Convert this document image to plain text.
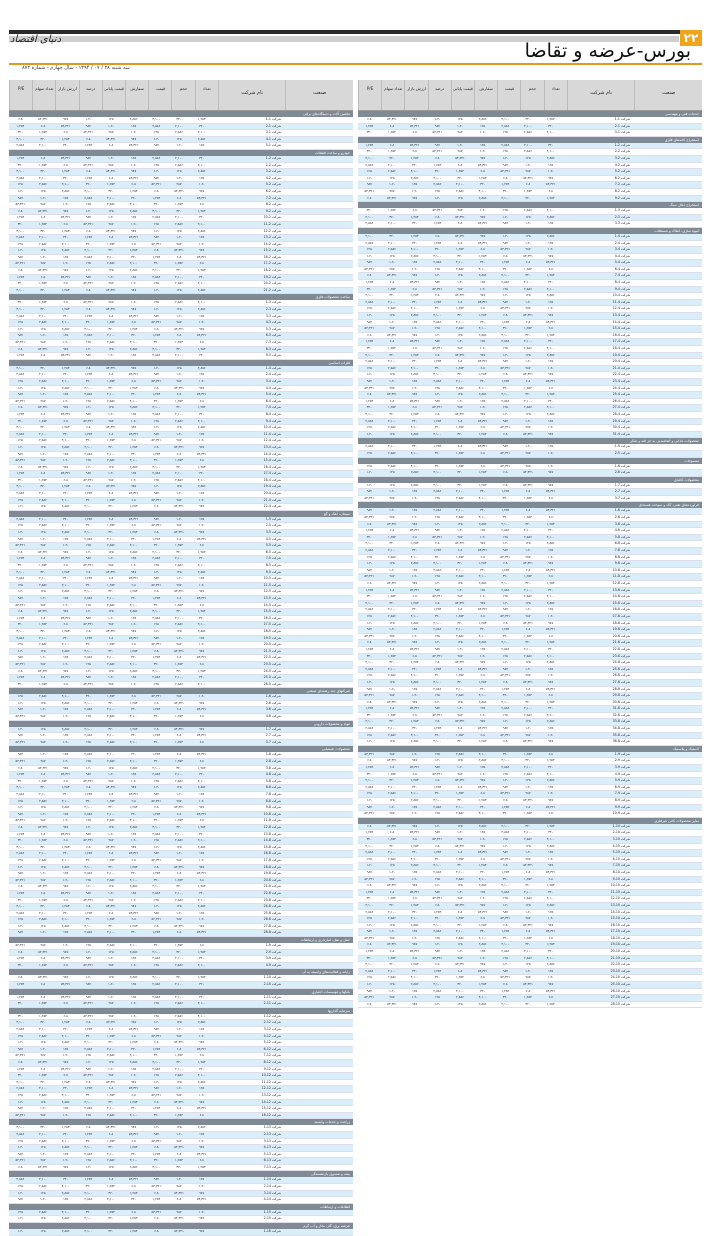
۲۲
دنیای اقتصاد
بورس-عرضه و تقاضا
سه شنبه ۲۸ / ۰۷ / ۱۳۹۴ - سال چهارم - شماره ۸۷۲
صنعت
نام شرکت
تعداد
حجم
قیمت
سفارش
قیمت پایانی
درصد
ارزش بازار
تعداد سهام
P/E
خدمات فنی و مهندسی
شرکت 1-1
۱,۲۵۴
۳۲۰
۴,۱۰۰
۲,۸۵۶
۱۲۵
-۱.۲
۹۸۷
۵۴,۳۲۱
۶.۸
شرکت 1-2
۳۲۰
۴,۱۰۰
۲,۸۵۶
۱۲۵
-۱.۲
۹۸۷
۵۴,۳۲۱
۶.۸
۱,۲۵۴
شرکت 1-3
۴,۱۰۰
۲,۸۵۶
۱۲۵
-۱.۲
۹۸۷
۵۴,۳۲۱
۶.۸
۱,۲۵۴
۳۲۰
استخراج کانه‌های فلزی
شرکت 2-1
۳۲۰
۴,۱۰۰
۲,۸۵۶
۱۲۵
-۱.۲
۹۸۷
۵۴,۳۲۱
۶.۸
۱,۲۵۴
شرکت 2-2
۴,۱۰۰
۲,۸۵۶
۱۲۵
-۱.۲
۹۸۷
۵۴,۳۲۱
۶.۸
۱,۲۵۴
۳۲۰
شرکت 2-3
۲,۸۵۶
۱۲۵
-۱.۲
۹۸۷
۵۴,۳۲۱
۶.۸
۱,۲۵۴
۳۲۰
۴,۱۰۰
شرکت 2-4
۱۲۵
-۱.۲
۹۸۷
۵۴,۳۲۱
۶.۸
۱,۲۵۴
۳۲۰
۴,۱۰۰
۲,۸۵۶
شرکت 2-5
-۱.۲
۹۸۷
۵۴,۳۲۱
۶.۸
۱,۲۵۴
۳۲۰
۴,۱۰۰
۲,۸۵۶
۱۲۵
شرکت 2-6
۹۸۷
۵۴,۳۲۱
۶.۸
۱,۲۵۴
۳۲۰
۴,۱۰۰
۲,۸۵۶
۱۲۵
-۱.۲
شرکت 2-7
۵۴,۳۲۱
۶.۸
۱,۲۵۴
۳۲۰
۴,۱۰۰
۲,۸۵۶
۱۲۵
-۱.۲
۹۸۷
شرکت 2-8
۶.۸
۱,۲۵۴
۳۲۰
۴,۱۰۰
۲,۸۵۶
۱۲۵
-۱.۲
۹۸۷
۵۴,۳۲۱
شرکت 2-9
۱,۲۵۴
۳۲۰
۴,۱۰۰
۲,۸۵۶
۱۲۵
-۱.۲
۹۸۷
۵۴,۳۲۱
۶.۸
استخراج ذغال سنگ
شرکت 3-1
۴,۱۰۰
۲,۸۵۶
۱۲۵
-۱.۲
۹۸۷
۵۴,۳۲۱
۶.۸
۱,۲۵۴
۳۲۰
شرکت 3-2
۲,۸۵۶
۱۲۵
-۱.۲
۹۸۷
۵۴,۳۲۱
۶.۸
۱,۲۵۴
۳۲۰
۴,۱۰۰
شرکت 3-3
۱۲۵
-۱.۲
۹۸۷
۵۴,۳۲۱
۶.۸
۱,۲۵۴
۳۲۰
۴,۱۰۰
۲,۸۵۶
انبوه سازی، املاک و مستغلات
شرکت 4-1
۲,۸۵۶
۱۲۵
-۱.۲
۹۸۷
۵۴,۳۲۱
۶.۸
۱,۲۵۴
۳۲۰
۴,۱۰۰
شرکت 4-2
۱۲۵
-۱.۲
۹۸۷
۵۴,۳۲۱
۶.۸
۱,۲۵۴
۳۲۰
۴,۱۰۰
۲,۸۵۶
شرکت 4-3
-۱.۲
۹۸۷
۵۴,۳۲۱
۶.۸
۱,۲۵۴
۳۲۰
۴,۱۰۰
۲,۸۵۶
۱۲۵
شرکت 4-4
۹۸۷
۵۴,۳۲۱
۶.۸
۱,۲۵۴
۳۲۰
۴,۱۰۰
۲,۸۵۶
۱۲۵
-۱.۲
شرکت 4-5
۵۴,۳۲۱
۶.۸
۱,۲۵۴
۳۲۰
۴,۱۰۰
۲,۸۵۶
۱۲۵
-۱.۲
۹۸۷
شرکت 4-6
۶.۸
۱,۲۵۴
۳۲۰
۴,۱۰۰
۲,۸۵۶
۱۲۵
-۱.۲
۹۸۷
۵۴,۳۲۱
شرکت 4-7
۱,۲۵۴
۳۲۰
۴,۱۰۰
۲,۸۵۶
۱۲۵
-۱.۲
۹۸۷
۵۴,۳۲۱
۶.۸
شرکت 4-8
۳۲۰
۴,۱۰۰
۲,۸۵۶
۱۲۵
-۱.۲
۹۸۷
۵۴,۳۲۱
۶.۸
۱,۲۵۴
شرکت 4-9
۴,۱۰۰
۲,۸۵۶
۱۲۵
-۱.۲
۹۸۷
۵۴,۳۲۱
۶.۸
۱,۲۵۴
۳۲۰
شرکت 4-10
۲,۸۵۶
۱۲۵
-۱.۲
۹۸۷
۵۴,۳۲۱
۶.۸
۱,۲۵۴
۳۲۰
۴,۱۰۰
شرکت 4-11
۱۲۵
-۱.۲
۹۸۷
۵۴,۳۲۱
۶.۸
۱,۲۵۴
۳۲۰
۴,۱۰۰
۲,۸۵۶
شرکت 4-12
-۱.۲
۹۸۷
۵۴,۳۲۱
۶.۸
۱,۲۵۴
۳۲۰
۴,۱۰۰
۲,۸۵۶
۱۲۵
شرکت 4-13
۹۸۷
۵۴,۳۲۱
۶.۸
۱,۲۵۴
۳۲۰
۴,۱۰۰
۲,۸۵۶
۱۲۵
-۱.۲
شرکت 4-14
۵۴,۳۲۱
۶.۸
۱,۲۵۴
۳۲۰
۴,۱۰۰
۲,۸۵۶
۱۲۵
-۱.۲
۹۸۷
شرکت 4-15
۶.۸
۱,۲۵۴
۳۲۰
۴,۱۰۰
۲,۸۵۶
۱۲۵
-۱.۲
۹۸۷
۵۴,۳۲۱
شرکت 4-16
۱,۲۵۴
۳۲۰
۴,۱۰۰
۲,۸۵۶
۱۲۵
-۱.۲
۹۸۷
۵۴,۳۲۱
۶.۸
شرکت 4-17
۳۲۰
۴,۱۰۰
۲,۸۵۶
۱۲۵
-۱.۲
۹۸۷
۵۴,۳۲۱
۶.۸
۱,۲۵۴
شرکت 4-18
۴,۱۰۰
۲,۸۵۶
۱۲۵
-۱.۲
۹۸۷
۵۴,۳۲۱
۶.۸
۱,۲۵۴
۳۲۰
شرکت 4-19
۲,۸۵۶
۱۲۵
-۱.۲
۹۸۷
۵۴,۳۲۱
۶.۸
۱,۲۵۴
۳۲۰
۴,۱۰۰
شرکت 4-20
۱۲۵
-۱.۲
۹۸۷
۵۴,۳۲۱
۶.۸
۱,۲۵۴
۳۲۰
۴,۱۰۰
۲,۸۵۶
شرکت 4-21
-۱.۲
۹۸۷
۵۴,۳۲۱
۶.۸
۱,۲۵۴
۳۲۰
۴,۱۰۰
۲,۸۵۶
۱۲۵
شرکت 4-22
۹۸۷
۵۴,۳۲۱
۶.۸
۱,۲۵۴
۳۲۰
۴,۱۰۰
۲,۸۵۶
۱۲۵
-۱.۲
شرکت 4-23
۵۴,۳۲۱
۶.۸
۱,۲۵۴
۳۲۰
۴,۱۰۰
۲,۸۵۶
۱۲۵
-۱.۲
۹۸۷
شرکت 4-24
۶.۸
۱,۲۵۴
۳۲۰
۴,۱۰۰
۲,۸۵۶
۱۲۵
-۱.۲
۹۸۷
۵۴,۳۲۱
شرکت 4-25
۱,۲۵۴
۳۲۰
۴,۱۰۰
۲,۸۵۶
۱۲۵
-۱.۲
۹۸۷
۵۴,۳۲۱
۶.۸
شرکت 4-26
۳۲۰
۴,۱۰۰
۲,۸۵۶
۱۲۵
-۱.۲
۹۸۷
۵۴,۳۲۱
۶.۸
۱,۲۵۴
شرکت 4-27
۴,۱۰۰
۲,۸۵۶
۱۲۵
-۱.۲
۹۸۷
۵۴,۳۲۱
۶.۸
۱,۲۵۴
۳۲۰
شرکت 4-28
۲,۸۵۶
۱۲۵
-۱.۲
۹۸۷
۵۴,۳۲۱
۶.۸
۱,۲۵۴
۳۲۰
۴,۱۰۰
شرکت 4-29
۱۲۵
-۱.۲
۹۸۷
۵۴,۳۲۱
۶.۸
۱,۲۵۴
۳۲۰
۴,۱۰۰
۲,۸۵۶
شرکت 4-30
-۱.۲
۹۸۷
۵۴,۳۲۱
۶.۸
۱,۲۵۴
۳۲۰
۴,۱۰۰
۲,۸۵۶
۱۲۵
شرکت 4-31
۹۸۷
۵۴,۳۲۱
۶.۸
۱,۲۵۴
۳۲۰
۴,۱۰۰
۲,۸۵۶
۱۲۵
-۱.۲
محصولات غذایی و آشامیدنی به جز قند و شکر
شرکت 5-1
۱۲۵
-۱.۲
۹۸۷
۵۴,۳۲۱
۶.۸
۱,۲۵۴
۳۲۰
۴,۱۰۰
۲,۸۵۶
شرکت 5-2
-۱.۲
۹۸۷
۵۴,۳۲۱
۶.۸
۱,۲۵۴
۳۲۰
۴,۱۰۰
۲,۸۵۶
۱۲۵
منسوجات
شرکت 6-1
-۱.۲
۹۸۷
۵۴,۳۲۱
۶.۸
۱,۲۵۴
۳۲۰
۴,۱۰۰
۲,۸۵۶
۱۲۵
شرکت 6-2
۹۸۷
۵۴,۳۲۱
۶.۸
۱,۲۵۴
۳۲۰
۴,۱۰۰
۲,۸۵۶
۱۲۵
-۱.۲
محصولات کاغذی
شرکت 7-1
۹۸۷
۵۴,۳۲۱
۶.۸
۱,۲۵۴
۳۲۰
۴,۱۰۰
۲,۸۵۶
۱۲۵
-۱.۲
شرکت 7-2
۵۴,۳۲۱
۶.۸
۱,۲۵۴
۳۲۰
۴,۱۰۰
۲,۸۵۶
۱۲۵
-۱.۲
۹۸۷
شرکت 7-3
۶.۸
۱,۲۵۴
۳۲۰
۴,۱۰۰
۲,۸۵۶
۱۲۵
-۱.۲
۹۸۷
۵۴,۳۲۱
فراورده‌های نفتی، کک و سوخت هسته‌ای
شرکت 8-1
۵۴,۳۲۱
۶.۸
۱,۲۵۴
۳۲۰
۴,۱۰۰
۲,۸۵۶
۱۲۵
-۱.۲
۹۸۷
شرکت 8-2
۶.۸
۱,۲۵۴
۳۲۰
۴,۱۰۰
۲,۸۵۶
۱۲۵
-۱.۲
۹۸۷
۵۴,۳۲۱
شرکت 8-3
۱,۲۵۴
۳۲۰
۴,۱۰۰
۲,۸۵۶
۱۲۵
-۱.۲
۹۸۷
۵۴,۳۲۱
۶.۸
شرکت 8-4
۳۲۰
۴,۱۰۰
۲,۸۵۶
۱۲۵
-۱.۲
۹۸۷
۵۴,۳۲۱
۶.۸
۱,۲۵۴
شرکت 8-5
۴,۱۰۰
۲,۸۵۶
۱۲۵
-۱.۲
۹۸۷
۵۴,۳۲۱
۶.۸
۱,۲۵۴
۳۲۰
شرکت 8-6
۲,۸۵۶
۱۲۵
-۱.۲
۹۸۷
۵۴,۳۲۱
۶.۸
۱,۲۵۴
۳۲۰
۴,۱۰۰
شرکت 8-7
۱۲۵
-۱.۲
۹۸۷
۵۴,۳۲۱
۶.۸
۱,۲۵۴
۳۲۰
۴,۱۰۰
۲,۸۵۶
شرکت 8-8
-۱.۲
۹۸۷
۵۴,۳۲۱
۶.۸
۱,۲۵۴
۳۲۰
۴,۱۰۰
۲,۸۵۶
۱۲۵
شرکت 8-9
۹۸۷
۵۴,۳۲۱
۶.۸
۱,۲۵۴
۳۲۰
۴,۱۰۰
۲,۸۵۶
۱۲۵
-۱.۲
شرکت 8-10
۵۴,۳۲۱
۶.۸
۱,۲۵۴
۳۲۰
۴,۱۰۰
۲,۸۵۶
۱۲۵
-۱.۲
۹۸۷
شرکت 8-11
۶.۸
۱,۲۵۴
۳۲۰
۴,۱۰۰
۲,۸۵۶
۱۲۵
-۱.۲
۹۸۷
۵۴,۳۲۱
شرکت 8-12
۱,۲۵۴
۳۲۰
۴,۱۰۰
۲,۸۵۶
۱۲۵
-۱.۲
۹۸۷
۵۴,۳۲۱
۶.۸
شرکت 8-13
۳۲۰
۴,۱۰۰
۲,۸۵۶
۱۲۵
-۱.۲
۹۸۷
۵۴,۳۲۱
۶.۸
۱,۲۵۴
شرکت 8-14
۴,۱۰۰
۲,۸۵۶
۱۲۵
-۱.۲
۹۸۷
۵۴,۳۲۱
۶.۸
۱,۲۵۴
۳۲۰
شرکت 8-15
۲,۸۵۶
۱۲۵
-۱.۲
۹۸۷
۵۴,۳۲۱
۶.۸
۱,۲۵۴
۳۲۰
۴,۱۰۰
شرکت 8-16
۱۲۵
-۱.۲
۹۸۷
۵۴,۳۲۱
۶.۸
۱,۲۵۴
۳۲۰
۴,۱۰۰
۲,۸۵۶
شرکت 8-17
-۱.۲
۹۸۷
۵۴,۳۲۱
۶.۸
۱,۲۵۴
۳۲۰
۴,۱۰۰
۲,۸۵۶
۱۲۵
شرکت 8-18
۹۸۷
۵۴,۳۲۱
۶.۸
۱,۲۵۴
۳۲۰
۴,۱۰۰
۲,۸۵۶
۱۲۵
-۱.۲
شرکت 8-19
۵۴,۳۲۱
۶.۸
۱,۲۵۴
۳۲۰
۴,۱۰۰
۲,۸۵۶
۱۲۵
-۱.۲
۹۸۷
شرکت 8-20
۶.۸
۱,۲۵۴
۳۲۰
۴,۱۰۰
۲,۸۵۶
۱۲۵
-۱.۲
۹۸۷
۵۴,۳۲۱
شرکت 8-21
۱,۲۵۴
۳۲۰
۴,۱۰۰
۲,۸۵۶
۱۲۵
-۱.۲
۹۸۷
۵۴,۳۲۱
۶.۸
شرکت 8-22
۳۲۰
۴,۱۰۰
۲,۸۵۶
۱۲۵
-۱.۲
۹۸۷
۵۴,۳۲۱
۶.۸
۱,۲۵۴
شرکت 8-23
۴,۱۰۰
۲,۸۵۶
۱۲۵
-۱.۲
۹۸۷
۵۴,۳۲۱
۶.۸
۱,۲۵۴
۳۲۰
شرکت 8-24
۲,۸۵۶
۱۲۵
-۱.۲
۹۸۷
۵۴,۳۲۱
۶.۸
۱,۲۵۴
۳۲۰
۴,۱۰۰
شرکت 8-25
۱۲۵
-۱.۲
۹۸۷
۵۴,۳۲۱
۶.۸
۱,۲۵۴
۳۲۰
۴,۱۰۰
۲,۸۵۶
شرکت 8-26
-۱.۲
۹۸۷
۵۴,۳۲۱
۶.۸
۱,۲۵۴
۳۲۰
۴,۱۰۰
۲,۸۵۶
۱۲۵
شرکت 8-27
۹۸۷
۵۴,۳۲۱
۶.۸
۱,۲۵۴
۳۲۰
۴,۱۰۰
۲,۸۵۶
۱۲۵
-۱.۲
شرکت 8-28
۵۴,۳۲۱
۶.۸
۱,۲۵۴
۳۲۰
۴,۱۰۰
۲,۸۵۶
۱۲۵
-۱.۲
۹۸۷
شرکت 8-29
۶.۸
۱,۲۵۴
۳۲۰
۴,۱۰۰
۲,۸۵۶
۱۲۵
-۱.۲
۹۸۷
۵۴,۳۲۱
شرکت 8-30
۱,۲۵۴
۳۲۰
۴,۱۰۰
۲,۸۵۶
۱۲۵
-۱.۲
۹۸۷
۵۴,۳۲۱
۶.۸
شرکت 8-31
۳۲۰
۴,۱۰۰
۲,۸۵۶
۱۲۵
-۱.۲
۹۸۷
۵۴,۳۲۱
۶.۸
۱,۲۵۴
شرکت 8-32
۴,۱۰۰
۲,۸۵۶
۱۲۵
-۱.۲
۹۸۷
۵۴,۳۲۱
۶.۸
۱,۲۵۴
۳۲۰
شرکت 8-33
۲,۸۵۶
۱۲۵
-۱.۲
۹۸۷
۵۴,۳۲۱
۶.۸
۱,۲۵۴
۳۲۰
۴,۱۰۰
شرکت 8-34
۱۲۵
-۱.۲
۹۸۷
۵۴,۳۲۱
۶.۸
۱,۲۵۴
۳۲۰
۴,۱۰۰
۲,۸۵۶
شرکت 8-35
-۱.۲
۹۸۷
۵۴,۳۲۱
۶.۸
۱,۲۵۴
۳۲۰
۴,۱۰۰
۲,۸۵۶
۱۲۵
شرکت 8-36
۹۸۷
۵۴,۳۲۱
۶.۸
۱,۲۵۴
۳۲۰
۴,۱۰۰
۲,۸۵۶
۱۲۵
-۱.۲
لاستیک و پلاستیک
شرکت 9-1
۶.۸
۱,۲۵۴
۳۲۰
۴,۱۰۰
۲,۸۵۶
۱۲۵
-۱.۲
۹۸۷
۵۴,۳۲۱
شرکت 9-2
۱,۲۵۴
۳۲۰
۴,۱۰۰
۲,۸۵۶
۱۲۵
-۱.۲
۹۸۷
۵۴,۳۲۱
۶.۸
شرکت 9-3
۳۲۰
۴,۱۰۰
۲,۸۵۶
۱۲۵
-۱.۲
۹۸۷
۵۴,۳۲۱
۶.۸
۱,۲۵۴
شرکت 9-4
۴,۱۰۰
۲,۸۵۶
۱۲۵
-۱.۲
۹۸۷
۵۴,۳۲۱
۶.۸
۱,۲۵۴
۳۲۰
شرکت 9-5
۲,۸۵۶
۱۲۵
-۱.۲
۹۸۷
۵۴,۳۲۱
۶.۸
۱,۲۵۴
۳۲۰
۴,۱۰۰
شرکت 9-6
۱۲۵
-۱.۲
۹۸۷
۵۴,۳۲۱
۶.۸
۱,۲۵۴
۳۲۰
۴,۱۰۰
۲,۸۵۶
شرکت 9-7
-۱.۲
۹۸۷
۵۴,۳۲۱
۶.۸
۱,۲۵۴
۳۲۰
۴,۱۰۰
۲,۸۵۶
۱۲۵
شرکت 9-8
۹۸۷
۵۴,۳۲۱
۶.۸
۱,۲۵۴
۳۲۰
۴,۱۰۰
۲,۸۵۶
۱۲۵
-۱.۲
شرکت 9-9
۵۴,۳۲۱
۶.۸
۱,۲۵۴
۳۲۰
۴,۱۰۰
۲,۸۵۶
۱۲۵
-۱.۲
۹۸۷
شرکت 9-10
۶.۸
۱,۲۵۴
۳۲۰
۴,۱۰۰
۲,۸۵۶
۱۲۵
-۱.۲
۹۸۷
۵۴,۳۲۱
سایر محصولات کانی غیرفلزی
شرکت 10-1
۱,۲۵۴
۳۲۰
۴,۱۰۰
۲,۸۵۶
۱۲۵
-۱.۲
۹۸۷
۵۴,۳۲۱
۶.۸
شرکت 10-2
۳۲۰
۴,۱۰۰
۲,۸۵۶
۱۲۵
-۱.۲
۹۸۷
۵۴,۳۲۱
۶.۸
۱,۲۵۴
شرکت 10-3
۴,۱۰۰
۲,۸۵۶
۱۲۵
-۱.۲
۹۸۷
۵۴,۳۲۱
۶.۸
۱,۲۵۴
۳۲۰
شرکت 10-4
۲,۸۵۶
۱۲۵
-۱.۲
۹۸۷
۵۴,۳۲۱
۶.۸
۱,۲۵۴
۳۲۰
۴,۱۰۰
شرکت 10-5
۱۲۵
-۱.۲
۹۸۷
۵۴,۳۲۱
۶.۸
۱,۲۵۴
۳۲۰
۴,۱۰۰
۲,۸۵۶
شرکت 10-6
-۱.۲
۹۸۷
۵۴,۳۲۱
۶.۸
۱,۲۵۴
۳۲۰
۴,۱۰۰
۲,۸۵۶
۱۲۵
شرکت 10-7
۹۸۷
۵۴,۳۲۱
۶.۸
۱,۲۵۴
۳۲۰
۴,۱۰۰
۲,۸۵۶
۱۲۵
-۱.۲
شرکت 10-8
۵۴,۳۲۱
۶.۸
۱,۲۵۴
۳۲۰
۴,۱۰۰
۲,۸۵۶
۱۲۵
-۱.۲
۹۸۷
شرکت 10-9
۶.۸
۱,۲۵۴
۳۲۰
۴,۱۰۰
۲,۸۵۶
۱۲۵
-۱.۲
۹۸۷
۵۴,۳۲۱
شرکت 10-10
۱,۲۵۴
۳۲۰
۴,۱۰۰
۲,۸۵۶
۱۲۵
-۱.۲
۹۸۷
۵۴,۳۲۱
۶.۸
شرکت 10-11
۳۲۰
۴,۱۰۰
۲,۸۵۶
۱۲۵
-۱.۲
۹۸۷
۵۴,۳۲۱
۶.۸
۱,۲۵۴
شرکت 10-12
۴,۱۰۰
۲,۸۵۶
۱۲۵
-۱.۲
۹۸۷
۵۴,۳۲۱
۶.۸
۱,۲۵۴
۳۲۰
شرکت 10-13
۲,۸۵۶
۱۲۵
-۱.۲
۹۸۷
۵۴,۳۲۱
۶.۸
۱,۲۵۴
۳۲۰
۴,۱۰۰
شرکت 10-14
۱۲۵
-۱.۲
۹۸۷
۵۴,۳۲۱
۶.۸
۱,۲۵۴
۳۲۰
۴,۱۰۰
۲,۸۵۶
شرکت 10-15
-۱.۲
۹۸۷
۵۴,۳۲۱
۶.۸
۱,۲۵۴
۳۲۰
۴,۱۰۰
۲,۸۵۶
۱۲۵
شرکت 10-16
۹۸۷
۵۴,۳۲۱
۶.۸
۱,۲۵۴
۳۲۰
۴,۱۰۰
۲,۸۵۶
۱۲۵
-۱.۲
شرکت 10-17
۵۴,۳۲۱
۶.۸
۱,۲۵۴
۳۲۰
۴,۱۰۰
۲,۸۵۶
۱۲۵
-۱.۲
۹۸۷
شرکت 10-18
۶.۸
۱,۲۵۴
۳۲۰
۴,۱۰۰
۲,۸۵۶
۱۲۵
-۱.۲
۹۸۷
۵۴,۳۲۱
شرکت 10-19
۱,۲۵۴
۳۲۰
۴,۱۰۰
۲,۸۵۶
۱۲۵
-۱.۲
۹۸۷
۵۴,۳۲۱
۶.۸
شرکت 10-20
۳۲۰
۴,۱۰۰
۲,۸۵۶
۱۲۵
-۱.۲
۹۸۷
۵۴,۳۲۱
۶.۸
۱,۲۵۴
شرکت 10-21
۴,۱۰۰
۲,۸۵۶
۱۲۵
-۱.۲
۹۸۷
۵۴,۳۲۱
۶.۸
۱,۲۵۴
۳۲۰
شرکت 10-22
۲,۸۵۶
۱۲۵
-۱.۲
۹۸۷
۵۴,۳۲۱
۶.۸
۱,۲۵۴
۳۲۰
۴,۱۰۰
شرکت 10-23
۱۲۵
-۱.۲
۹۸۷
۵۴,۳۲۱
۶.۸
۱,۲۵۴
۳۲۰
۴,۱۰۰
۲,۸۵۶
شرکت 10-24
-۱.۲
۹۸۷
۵۴,۳۲۱
۶.۸
۱,۲۵۴
۳۲۰
۴,۱۰۰
۲,۸۵۶
۱۲۵
شرکت 10-25
۹۸۷
۵۴,۳۲۱
۶.۸
۱,۲۵۴
۳۲۰
۴,۱۰۰
۲,۸۵۶
۱۲۵
-۱.۲
شرکت 10-26
۵۴,۳۲۱
۶.۸
۱,۲۵۴
۳۲۰
۴,۱۰۰
۲,۸۵۶
۱۲۵
-۱.۲
۹۸۷
شرکت 10-27
۶.۸
۱,۲۵۴
۳۲۰
۴,۱۰۰
۲,۸۵۶
۱۲۵
-۱.۲
۹۸۷
۵۴,۳۲۱
شرکت 10-28
۱,۲۵۴
۳۲۰
۴,۱۰۰
۲,۸۵۶
۱۲۵
-۱.۲
۹۸۷
۵۴,۳۲۱
۶.۸
صنعت
نام شرکت
تعداد
حجم
قیمت
سفارش
قیمت پایانی
درصد
ارزش بازار
تعداد سهام
P/E
ماشین آلات و دستگاه‌های برقی
شرکت 1-1
۱,۲۵۴
۳۲۰
۴,۱۰۰
۲,۸۵۶
۱۲۵
-۱.۲
۹۸۷
۵۴,۳۲۱
۶.۸
شرکت 1-2
۳۲۰
۴,۱۰۰
۲,۸۵۶
۱۲۵
-۱.۲
۹۸۷
۵۴,۳۲۱
۶.۸
۱,۲۵۴
شرکت 1-3
۴,۱۰۰
۲,۸۵۶
۱۲۵
-۱.۲
۹۸۷
۵۴,۳۲۱
۶.۸
۱,۲۵۴
۳۲۰
شرکت 1-4
۲,۸۵۶
۱۲۵
-۱.۲
۹۸۷
۵۴,۳۲۱
۶.۸
۱,۲۵۴
۳۲۰
۴,۱۰۰
شرکت 1-5
۱۲۵
-۱.۲
۹۸۷
۵۴,۳۲۱
۶.۸
۱,۲۵۴
۳۲۰
۴,۱۰۰
۲,۸۵۶
خودرو و ساخت قطعات
شرکت 2-1
۳۲۰
۴,۱۰۰
۲,۸۵۶
۱۲۵
-۱.۲
۹۸۷
۵۴,۳۲۱
۶.۸
۱,۲۵۴
شرکت 2-2
۴,۱۰۰
۲,۸۵۶
۱۲۵
-۱.۲
۹۸۷
۵۴,۳۲۱
۶.۸
۱,۲۵۴
۳۲۰
شرکت 2-3
۲,۸۵۶
۱۲۵
-۱.۲
۹۸۷
۵۴,۳۲۱
۶.۸
۱,۲۵۴
۳۲۰
۴,۱۰۰
شرکت 2-4
۱۲۵
-۱.۲
۹۸۷
۵۴,۳۲۱
۶.۸
۱,۲۵۴
۳۲۰
۴,۱۰۰
۲,۸۵۶
شرکت 2-5
-۱.۲
۹۸۷
۵۴,۳۲۱
۶.۸
۱,۲۵۴
۳۲۰
۴,۱۰۰
۲,۸۵۶
۱۲۵
شرکت 2-6
۹۸۷
۵۴,۳۲۱
۶.۸
۱,۲۵۴
۳۲۰
۴,۱۰۰
۲,۸۵۶
۱۲۵
-۱.۲
شرکت 2-7
۵۴,۳۲۱
۶.۸
۱,۲۵۴
۳۲۰
۴,۱۰۰
۲,۸۵۶
۱۲۵
-۱.۲
۹۸۷
شرکت 2-8
۶.۸
۱,۲۵۴
۳۲۰
۴,۱۰۰
۲,۸۵۶
۱۲۵
-۱.۲
۹۸۷
۵۴,۳۲۱
شرکت 2-9
۱,۲۵۴
۳۲۰
۴,۱۰۰
۲,۸۵۶
۱۲۵
-۱.۲
۹۸۷
۵۴,۳۲۱
۶.۸
شرکت 2-10
۳۲۰
۴,۱۰۰
۲,۸۵۶
۱۲۵
-۱.۲
۹۸۷
۵۴,۳۲۱
۶.۸
۱,۲۵۴
شرکت 2-11
۴,۱۰۰
۲,۸۵۶
۱۲۵
-۱.۲
۹۸۷
۵۴,۳۲۱
۶.۸
۱,۲۵۴
۳۲۰
شرکت 2-12
۲,۸۵۶
۱۲۵
-۱.۲
۹۸۷
۵۴,۳۲۱
۶.۸
۱,۲۵۴
۳۲۰
۴,۱۰۰
شرکت 2-13
۱۲۵
-۱.۲
۹۸۷
۵۴,۳۲۱
۶.۸
۱,۲۵۴
۳۲۰
۴,۱۰۰
۲,۸۵۶
شرکت 2-14
-۱.۲
۹۸۷
۵۴,۳۲۱
۶.۸
۱,۲۵۴
۳۲۰
۴,۱۰۰
۲,۸۵۶
۱۲۵
شرکت 2-15
۹۸۷
۵۴,۳۲۱
۶.۸
۱,۲۵۴
۳۲۰
۴,۱۰۰
۲,۸۵۶
۱۲۵
-۱.۲
شرکت 2-16
۵۴,۳۲۱
۶.۸
۱,۲۵۴
۳۲۰
۴,۱۰۰
۲,۸۵۶
۱۲۵
-۱.۲
۹۸۷
شرکت 2-17
۶.۸
۱,۲۵۴
۳۲۰
۴,۱۰۰
۲,۸۵۶
۱۲۵
-۱.۲
۹۸۷
۵۴,۳۲۱
شرکت 2-18
۱,۲۵۴
۳۲۰
۴,۱۰۰
۲,۸۵۶
۱۲۵
-۱.۲
۹۸۷
۵۴,۳۲۱
۶.۸
شرکت 2-19
۳۲۰
۴,۱۰۰
۲,۸۵۶
۱۲۵
-۱.۲
۹۸۷
۵۴,۳۲۱
۶.۸
۱,۲۵۴
شرکت 2-20
۴,۱۰۰
۲,۸۵۶
۱۲۵
-۱.۲
۹۸۷
۵۴,۳۲۱
۶.۸
۱,۲۵۴
۳۲۰
شرکت 2-21
۲,۸۵۶
۱۲۵
-۱.۲
۹۸۷
۵۴,۳۲۱
۶.۸
۱,۲۵۴
۳۲۰
۴,۱۰۰
ساخت محصولات فلزی
شرکت 3-1
۴,۱۰۰
۲,۸۵۶
۱۲۵
-۱.۲
۹۸۷
۵۴,۳۲۱
۶.۸
۱,۲۵۴
۳۲۰
شرکت 3-2
۲,۸۵۶
۱۲۵
-۱.۲
۹۸۷
۵۴,۳۲۱
۶.۸
۱,۲۵۴
۳۲۰
۴,۱۰۰
شرکت 3-3
۱۲۵
-۱.۲
۹۸۷
۵۴,۳۲۱
۶.۸
۱,۲۵۴
۳۲۰
۴,۱۰۰
۲,۸۵۶
شرکت 3-4
-۱.۲
۹۸۷
۵۴,۳۲۱
۶.۸
۱,۲۵۴
۳۲۰
۴,۱۰۰
۲,۸۵۶
۱۲۵
شرکت 3-5
۹۸۷
۵۴,۳۲۱
۶.۸
۱,۲۵۴
۳۲۰
۴,۱۰۰
۲,۸۵۶
۱۲۵
-۱.۲
شرکت 3-6
۵۴,۳۲۱
۶.۸
۱,۲۵۴
۳۲۰
۴,۱۰۰
۲,۸۵۶
۱۲۵
-۱.۲
۹۸۷
شرکت 3-7
۶.۸
۱,۲۵۴
۳۲۰
۴,۱۰۰
۲,۸۵۶
۱۲۵
-۱.۲
۹۸۷
۵۴,۳۲۱
شرکت 3-8
۱,۲۵۴
۳۲۰
۴,۱۰۰
۲,۸۵۶
۱۲۵
-۱.۲
۹۸۷
۵۴,۳۲۱
۶.۸
شرکت 3-9
۳۲۰
۴,۱۰۰
۲,۸۵۶
۱۲۵
-۱.۲
۹۸۷
۵۴,۳۲۱
۶.۸
۱,۲۵۴
فلزات اساسی
شرکت 4-1
۲,۸۵۶
۱۲۵
-۱.۲
۹۸۷
۵۴,۳۲۱
۶.۸
۱,۲۵۴
۳۲۰
۴,۱۰۰
شرکت 4-2
۱۲۵
-۱.۲
۹۸۷
۵۴,۳۲۱
۶.۸
۱,۲۵۴
۳۲۰
۴,۱۰۰
۲,۸۵۶
شرکت 4-3
-۱.۲
۹۸۷
۵۴,۳۲۱
۶.۸
۱,۲۵۴
۳۲۰
۴,۱۰۰
۲,۸۵۶
۱۲۵
شرکت 4-4
۹۸۷
۵۴,۳۲۱
۶.۸
۱,۲۵۴
۳۲۰
۴,۱۰۰
۲,۸۵۶
۱۲۵
-۱.۲
شرکت 4-5
۵۴,۳۲۱
۶.۸
۱,۲۵۴
۳۲۰
۴,۱۰۰
۲,۸۵۶
۱۲۵
-۱.۲
۹۸۷
شرکت 4-6
۶.۸
۱,۲۵۴
۳۲۰
۴,۱۰۰
۲,۸۵۶
۱۲۵
-۱.۲
۹۸۷
۵۴,۳۲۱
شرکت 4-7
۱,۲۵۴
۳۲۰
۴,۱۰۰
۲,۸۵۶
۱۲۵
-۱.۲
۹۸۷
۵۴,۳۲۱
۶.۸
شرکت 4-8
۳۲۰
۴,۱۰۰
۲,۸۵۶
۱۲۵
-۱.۲
۹۸۷
۵۴,۳۲۱
۶.۸
۱,۲۵۴
شرکت 4-9
۴,۱۰۰
۲,۸۵۶
۱۲۵
-۱.۲
۹۸۷
۵۴,۳۲۱
۶.۸
۱,۲۵۴
۳۲۰
شرکت 4-10
۲,۸۵۶
۱۲۵
-۱.۲
۹۸۷
۵۴,۳۲۱
۶.۸
۱,۲۵۴
۳۲۰
۴,۱۰۰
شرکت 4-11
۱۲۵
-۱.۲
۹۸۷
۵۴,۳۲۱
۶.۸
۱,۲۵۴
۳۲۰
۴,۱۰۰
۲,۸۵۶
شرکت 4-12
-۱.۲
۹۸۷
۵۴,۳۲۱
۶.۸
۱,۲۵۴
۳۲۰
۴,۱۰۰
۲,۸۵۶
۱۲۵
شرکت 4-13
۹۸۷
۵۴,۳۲۱
۶.۸
۱,۲۵۴
۳۲۰
۴,۱۰۰
۲,۸۵۶
۱۲۵
-۱.۲
شرکت 4-14
۵۴,۳۲۱
۶.۸
۱,۲۵۴
۳۲۰
۴,۱۰۰
۲,۸۵۶
۱۲۵
-۱.۲
۹۸۷
شرکت 4-15
۶.۸
۱,۲۵۴
۳۲۰
۴,۱۰۰
۲,۸۵۶
۱۲۵
-۱.۲
۹۸۷
۵۴,۳۲۱
شرکت 4-16
۱,۲۵۴
۳۲۰
۴,۱۰۰
۲,۸۵۶
۱۲۵
-۱.۲
۹۸۷
۵۴,۳۲۱
۶.۸
شرکت 4-17
۳۲۰
۴,۱۰۰
۲,۸۵۶
۱۲۵
-۱.۲
۹۸۷
۵۴,۳۲۱
۶.۸
۱,۲۵۴
شرکت 4-18
۴,۱۰۰
۲,۸۵۶
۱۲۵
-۱.۲
۹۸۷
۵۴,۳۲۱
۶.۸
۱,۲۵۴
۳۲۰
شرکت 4-19
۲,۸۵۶
۱۲۵
-۱.۲
۹۸۷
۵۴,۳۲۱
۶.۸
۱,۲۵۴
۳۲۰
۴,۱۰۰
شرکت 4-20
۱۲۵
-۱.۲
۹۸۷
۵۴,۳۲۱
۶.۸
۱,۲۵۴
۳۲۰
۴,۱۰۰
۲,۸۵۶
شرکت 4-21
-۱.۲
۹۸۷
۵۴,۳۲۱
۶.۸
۱,۲۵۴
۳۲۰
۴,۱۰۰
۲,۸۵۶
۱۲۵
شرکت 4-22
۹۸۷
۵۴,۳۲۱
۶.۸
۱,۲۵۴
۳۲۰
۴,۱۰۰
۲,۸۵۶
۱۲۵
-۱.۲
سیمان، آهک و گچ
شرکت 5-1
۱۲۵
-۱.۲
۹۸۷
۵۴,۳۲۱
۶.۸
۱,۲۵۴
۳۲۰
۴,۱۰۰
۲,۸۵۶
شرکت 5-2
-۱.۲
۹۸۷
۵۴,۳۲۱
۶.۸
۱,۲۵۴
۳۲۰
۴,۱۰۰
۲,۸۵۶
۱۲۵
شرکت 5-3
۹۸۷
۵۴,۳۲۱
۶.۸
۱,۲۵۴
۳۲۰
۴,۱۰۰
۲,۸۵۶
۱۲۵
-۱.۲
شرکت 5-4
۵۴,۳۲۱
۶.۸
۱,۲۵۴
۳۲۰
۴,۱۰۰
۲,۸۵۶
۱۲۵
-۱.۲
۹۸۷
شرکت 5-5
۶.۸
۱,۲۵۴
۳۲۰
۴,۱۰۰
۲,۸۵۶
۱۲۵
-۱.۲
۹۸۷
۵۴,۳۲۱
شرکت 5-6
۱,۲۵۴
۳۲۰
۴,۱۰۰
۲,۸۵۶
۱۲۵
-۱.۲
۹۸۷
۵۴,۳۲۱
۶.۸
شرکت 5-7
۳۲۰
۴,۱۰۰
۲,۸۵۶
۱۲۵
-۱.۲
۹۸۷
۵۴,۳۲۱
۶.۸
۱,۲۵۴
شرکت 5-8
۴,۱۰۰
۲,۸۵۶
۱۲۵
-۱.۲
۹۸۷
۵۴,۳۲۱
۶.۸
۱,۲۵۴
۳۲۰
شرکت 5-9
۲,۸۵۶
۱۲۵
-۱.۲
۹۸۷
۵۴,۳۲۱
۶.۸
۱,۲۵۴
۳۲۰
۴,۱۰۰
شرکت 5-10
۱۲۵
-۱.۲
۹۸۷
۵۴,۳۲۱
۶.۸
۱,۲۵۴
۳۲۰
۴,۱۰۰
۲,۸۵۶
شرکت 5-11
-۱.۲
۹۸۷
۵۴,۳۲۱
۶.۸
۱,۲۵۴
۳۲۰
۴,۱۰۰
۲,۸۵۶
۱۲۵
شرکت 5-12
۹۸۷
۵۴,۳۲۱
۶.۸
۱,۲۵۴
۳۲۰
۴,۱۰۰
۲,۸۵۶
۱۲۵
-۱.۲
شرکت 5-13
۵۴,۳۲۱
۶.۸
۱,۲۵۴
۳۲۰
۴,۱۰۰
۲,۸۵۶
۱۲۵
-۱.۲
۹۸۷
شرکت 5-14
۶.۸
۱,۲۵۴
۳۲۰
۴,۱۰۰
۲,۸۵۶
۱۲۵
-۱.۲
۹۸۷
۵۴,۳۲۱
شرکت 5-15
۱,۲۵۴
۳۲۰
۴,۱۰۰
۲,۸۵۶
۱۲۵
-۱.۲
۹۸۷
۵۴,۳۲۱
۶.۸
شرکت 5-16
۳۲۰
۴,۱۰۰
۲,۸۵۶
۱۲۵
-۱.۲
۹۸۷
۵۴,۳۲۱
۶.۸
۱,۲۵۴
شرکت 5-17
۴,۱۰۰
۲,۸۵۶
۱۲۵
-۱.۲
۹۸۷
۵۴,۳۲۱
۶.۸
۱,۲۵۴
۳۲۰
شرکت 5-18
۲,۸۵۶
۱۲۵
-۱.۲
۹۸۷
۵۴,۳۲۱
۶.۸
۱,۲۵۴
۳۲۰
۴,۱۰۰
شرکت 5-19
۱۲۵
-۱.۲
۹۸۷
۵۴,۳۲۱
۶.۸
۱,۲۵۴
۳۲۰
۴,۱۰۰
۲,۸۵۶
شرکت 5-20
-۱.۲
۹۸۷
۵۴,۳۲۱
۶.۸
۱,۲۵۴
۳۲۰
۴,۱۰۰
۲,۸۵۶
۱۲۵
شرکت 5-21
۹۸۷
۵۴,۳۲۱
۶.۸
۱,۲۵۴
۳۲۰
۴,۱۰۰
۲,۸۵۶
۱۲۵
-۱.۲
شرکت 5-22
۵۴,۳۲۱
۶.۸
۱,۲۵۴
۳۲۰
۴,۱۰۰
۲,۸۵۶
۱۲۵
-۱.۲
۹۸۷
شرکت 5-23
۶.۸
۱,۲۵۴
۳۲۰
۴,۱۰۰
۲,۸۵۶
۱۲۵
-۱.۲
۹۸۷
۵۴,۳۲۱
شرکت 5-24
۱,۲۵۴
۳۲۰
۴,۱۰۰
۲,۸۵۶
۱۲۵
-۱.۲
۹۸۷
۵۴,۳۲۱
۶.۸
شرکت 5-25
۳۲۰
۴,۱۰۰
۲,۸۵۶
۱۲۵
-۱.۲
۹۸۷
۵۴,۳۲۱
۶.۸
۱,۲۵۴
شرکت 5-26
۴,۱۰۰
۲,۸۵۶
۱۲۵
-۱.۲
۹۸۷
۵۴,۳۲۱
۶.۸
۱,۲۵۴
۳۲۰
شرکتهای چند رشته‌ای صنعتی
شرکت 6-1
-۱.۲
۹۸۷
۵۴,۳۲۱
۶.۸
۱,۲۵۴
۳۲۰
۴,۱۰۰
۲,۸۵۶
۱۲۵
شرکت 6-2
۹۸۷
۵۴,۳۲۱
۶.۸
۱,۲۵۴
۳۲۰
۴,۱۰۰
۲,۸۵۶
۱۲۵
-۱.۲
شرکت 6-3
۵۴,۳۲۱
۶.۸
۱,۲۵۴
۳۲۰
۴,۱۰۰
۲,۸۵۶
۱۲۵
-۱.۲
۹۸۷
شرکت 6-4
۶.۸
۱,۲۵۴
۳۲۰
۴,۱۰۰
۲,۸۵۶
۱۲۵
-۱.۲
۹۸۷
۵۴,۳۲۱
مواد و محصولات دارویی
شرکت 7-1
۹۸۷
۵۴,۳۲۱
۶.۸
۱,۲۵۴
۳۲۰
۴,۱۰۰
۲,۸۵۶
۱۲۵
-۱.۲
شرکت 7-2
۵۴,۳۲۱
۶.۸
۱,۲۵۴
۳۲۰
۴,۱۰۰
۲,۸۵۶
۱۲۵
-۱.۲
۹۸۷
شرکت 7-3
۶.۸
۱,۲۵۴
۳۲۰
۴,۱۰۰
۲,۸۵۶
۱۲۵
-۱.۲
۹۸۷
۵۴,۳۲۱
محصولات شیمیایی
شرکت 8-1
۵۴,۳۲۱
۶.۸
۱,۲۵۴
۳۲۰
۴,۱۰۰
۲,۸۵۶
۱۲۵
-۱.۲
۹۸۷
شرکت 8-2
۶.۸
۱,۲۵۴
۳۲۰
۴,۱۰۰
۲,۸۵۶
۱۲۵
-۱.۲
۹۸۷
۵۴,۳۲۱
شرکت 8-3
۱,۲۵۴
۳۲۰
۴,۱۰۰
۲,۸۵۶
۱۲۵
-۱.۲
۹۸۷
۵۴,۳۲۱
۶.۸
شرکت 8-4
۳۲۰
۴,۱۰۰
۲,۸۵۶
۱۲۵
-۱.۲
۹۸۷
۵۴,۳۲۱
۶.۸
۱,۲۵۴
شرکت 8-5
۴,۱۰۰
۲,۸۵۶
۱۲۵
-۱.۲
۹۸۷
۵۴,۳۲۱
۶.۸
۱,۲۵۴
۳۲۰
شرکت 8-6
۲,۸۵۶
۱۲۵
-۱.۲
۹۸۷
۵۴,۳۲۱
۶.۸
۱,۲۵۴
۳۲۰
۴,۱۰۰
شرکت 8-7
۱۲۵
-۱.۲
۹۸۷
۵۴,۳۲۱
۶.۸
۱,۲۵۴
۳۲۰
۴,۱۰۰
۲,۸۵۶
شرکت 8-8
-۱.۲
۹۸۷
۵۴,۳۲۱
۶.۸
۱,۲۵۴
۳۲۰
۴,۱۰۰
۲,۸۵۶
۱۲۵
شرکت 8-9
۹۸۷
۵۴,۳۲۱
۶.۸
۱,۲۵۴
۳۲۰
۴,۱۰۰
۲,۸۵۶
۱۲۵
-۱.۲
شرکت 8-10
۵۴,۳۲۱
۶.۸
۱,۲۵۴
۳۲۰
۴,۱۰۰
۲,۸۵۶
۱۲۵
-۱.۲
۹۸۷
شرکت 8-11
۶.۸
۱,۲۵۴
۳۲۰
۴,۱۰۰
۲,۸۵۶
۱۲۵
-۱.۲
۹۸۷
۵۴,۳۲۱
شرکت 8-12
۱,۲۵۴
۳۲۰
۴,۱۰۰
۲,۸۵۶
۱۲۵
-۱.۲
۹۸۷
۵۴,۳۲۱
۶.۸
شرکت 8-13
۳۲۰
۴,۱۰۰
۲,۸۵۶
۱۲۵
-۱.۲
۹۸۷
۵۴,۳۲۱
۶.۸
۱,۲۵۴
شرکت 8-14
۴,۱۰۰
۲,۸۵۶
۱۲۵
-۱.۲
۹۸۷
۵۴,۳۲۱
۶.۸
۱,۲۵۴
۳۲۰
شرکت 8-15
۲,۸۵۶
۱۲۵
-۱.۲
۹۸۷
۵۴,۳۲۱
۶.۸
۱,۲۵۴
۳۲۰
۴,۱۰۰
شرکت 8-16
۱۲۵
-۱.۲
۹۸۷
۵۴,۳۲۱
۶.۸
۱,۲۵۴
۳۲۰
۴,۱۰۰
۲,۸۵۶
شرکت 8-17
-۱.۲
۹۸۷
۵۴,۳۲۱
۶.۸
۱,۲۵۴
۳۲۰
۴,۱۰۰
۲,۸۵۶
۱۲۵
شرکت 8-18
۹۸۷
۵۴,۳۲۱
۶.۸
۱,۲۵۴
۳۲۰
۴,۱۰۰
۲,۸۵۶
۱۲۵
-۱.۲
شرکت 8-19
۵۴,۳۲۱
۶.۸
۱,۲۵۴
۳۲۰
۴,۱۰۰
۲,۸۵۶
۱۲۵
-۱.۲
۹۸۷
شرکت 8-20
۶.۸
۱,۲۵۴
۳۲۰
۴,۱۰۰
۲,۸۵۶
۱۲۵
-۱.۲
۹۸۷
۵۴,۳۲۱
شرکت 8-21
۱,۲۵۴
۳۲۰
۴,۱۰۰
۲,۸۵۶
۱۲۵
-۱.۲
۹۸۷
۵۴,۳۲۱
۶.۸
شرکت 8-22
۳۲۰
۴,۱۰۰
۲,۸۵۶
۱۲۵
-۱.۲
۹۸۷
۵۴,۳۲۱
۶.۸
۱,۲۵۴
شرکت 8-23
۴,۱۰۰
۲,۸۵۶
۱۲۵
-۱.۲
۹۸۷
۵۴,۳۲۱
۶.۸
۱,۲۵۴
۳۲۰
شرکت 8-24
۲,۸۵۶
۱۲۵
-۱.۲
۹۸۷
۵۴,۳۲۱
۶.۸
۱,۲۵۴
۳۲۰
۴,۱۰۰
شرکت 8-25
۱۲۵
-۱.۲
۹۸۷
۵۴,۳۲۱
۶.۸
۱,۲۵۴
۳۲۰
۴,۱۰۰
۲,۸۵۶
شرکت 8-26
-۱.۲
۹۸۷
۵۴,۳۲۱
۶.۸
۱,۲۵۴
۳۲۰
۴,۱۰۰
۲,۸۵۶
۱۲۵
شرکت 8-27
۹۸۷
۵۴,۳۲۱
۶.۸
۱,۲۵۴
۳۲۰
۴,۱۰۰
۲,۸۵۶
۱۲۵
-۱.۲
شرکت 8-28
۵۴,۳۲۱
۶.۸
۱,۲۵۴
۳۲۰
۴,۱۰۰
۲,۸۵۶
۱۲۵
-۱.۲
۹۸۷
حمل و نقل، انبارداری و ارتباطات
شرکت 9-1
۶.۸
۱,۲۵۴
۳۲۰
۴,۱۰۰
۲,۸۵۶
۱۲۵
-۱.۲
۹۸۷
۵۴,۳۲۱
شرکت 9-2
۱,۲۵۴
۳۲۰
۴,۱۰۰
۲,۸۵۶
۱۲۵
-۱.۲
۹۸۷
۵۴,۳۲۱
۶.۸
شرکت 9-3
۳۲۰
۴,۱۰۰
۲,۸۵۶
۱۲۵
-۱.۲
۹۸۷
۵۴,۳۲۱
۶.۸
۱,۲۵۴
شرکت 9-4
۴,۱۰۰
۲,۸۵۶
۱۲۵
-۱.۲
۹۸۷
۵۴,۳۲۱
۶.۸
۱,۲۵۴
۳۲۰
رایانه و فعالیت‌های وابسته به آن
شرکت 10-1
۱,۲۵۴
۳۲۰
۴,۱۰۰
۲,۸۵۶
۱۲۵
-۱.۲
۹۸۷
۵۴,۳۲۱
۶.۸
شرکت 10-2
۳۲۰
۴,۱۰۰
۲,۸۵۶
۱۲۵
-۱.۲
۹۸۷
۵۴,۳۲۱
۶.۸
۱,۲۵۴
بانکها و موسسات اعتباری
شرکت 11-1
۳۲۰
۴,۱۰۰
۲,۸۵۶
۱۲۵
-۱.۲
۹۸۷
۵۴,۳۲۱
۶.۸
۱,۲۵۴
شرکت 11-2
۴,۱۰۰
۲,۸۵۶
۱۲۵
-۱.۲
۹۸۷
۵۴,۳۲۱
۶.۸
۱,۲۵۴
۳۲۰
سرمایه گذاریها
شرکت 12-1
۴,۱۰۰
۲,۸۵۶
۱۲۵
-۱.۲
۹۸۷
۵۴,۳۲۱
۶.۸
۱,۲۵۴
۳۲۰
شرکت 12-2
۲,۸۵۶
۱۲۵
-۱.۲
۹۸۷
۵۴,۳۲۱
۶.۸
۱,۲۵۴
۳۲۰
۴,۱۰۰
شرکت 12-3
۱۲۵
-۱.۲
۹۸۷
۵۴,۳۲۱
۶.۸
۱,۲۵۴
۳۲۰
۴,۱۰۰
۲,۸۵۶
شرکت 12-4
-۱.۲
۹۸۷
۵۴,۳۲۱
۶.۸
۱,۲۵۴
۳۲۰
۴,۱۰۰
۲,۸۵۶
۱۲۵
شرکت 12-5
۹۸۷
۵۴,۳۲۱
۶.۸
۱,۲۵۴
۳۲۰
۴,۱۰۰
۲,۸۵۶
۱۲۵
-۱.۲
شرکت 12-6
۵۴,۳۲۱
۶.۸
۱,۲۵۴
۳۲۰
۴,۱۰۰
۲,۸۵۶
۱۲۵
-۱.۲
۹۸۷
شرکت 12-7
۶.۸
۱,۲۵۴
۳۲۰
۴,۱۰۰
۲,۸۵۶
۱۲۵
-۱.۲
۹۸۷
۵۴,۳۲۱
شرکت 12-8
۱,۲۵۴
۳۲۰
۴,۱۰۰
۲,۸۵۶
۱۲۵
-۱.۲
۹۸۷
۵۴,۳۲۱
۶.۸
شرکت 12-9
۳۲۰
۴,۱۰۰
۲,۸۵۶
۱۲۵
-۱.۲
۹۸۷
۵۴,۳۲۱
۶.۸
۱,۲۵۴
شرکت 12-10
۴,۱۰۰
۲,۸۵۶
۱۲۵
-۱.۲
۹۸۷
۵۴,۳۲۱
۶.۸
۱,۲۵۴
۳۲۰
شرکت 12-11
۲,۸۵۶
۱۲۵
-۱.۲
۹۸۷
۵۴,۳۲۱
۶.۸
۱,۲۵۴
۳۲۰
۴,۱۰۰
شرکت 12-12
۱۲۵
-۱.۲
۹۸۷
۵۴,۳۲۱
۶.۸
۱,۲۵۴
۳۲۰
۴,۱۰۰
۲,۸۵۶
شرکت 12-13
-۱.۲
۹۸۷
۵۴,۳۲۱
۶.۸
۱,۲۵۴
۳۲۰
۴,۱۰۰
۲,۸۵۶
۱۲۵
شرکت 12-14
۹۸۷
۵۴,۳۲۱
۶.۸
۱,۲۵۴
۳۲۰
۴,۱۰۰
۲,۸۵۶
۱۲۵
-۱.۲
شرکت 12-15
۵۴,۳۲۱
۶.۸
۱,۲۵۴
۳۲۰
۴,۱۰۰
۲,۸۵۶
۱۲۵
-۱.۲
۹۸۷
شرکت 12-16
۶.۸
۱,۲۵۴
۳۲۰
۴,۱۰۰
۲,۸۵۶
۱۲۵
-۱.۲
۹۸۷
۵۴,۳۲۱
زراعت و خدمات وابسته
شرکت 13-1
۲,۸۵۶
۱۲۵
-۱.۲
۹۸۷
۵۴,۳۲۱
۶.۸
۱,۲۵۴
۳۲۰
۴,۱۰۰
شرکت 13-2
۱۲۵
-۱.۲
۹۸۷
۵۴,۳۲۱
۶.۸
۱,۲۵۴
۳۲۰
۴,۱۰۰
۲,۸۵۶
شرکت 13-3
-۱.۲
۹۸۷
۵۴,۳۲۱
۶.۸
۱,۲۵۴
۳۲۰
۴,۱۰۰
۲,۸۵۶
۱۲۵
شرکت 13-4
۹۸۷
۵۴,۳۲۱
۶.۸
۱,۲۵۴
۳۲۰
۴,۱۰۰
۲,۸۵۶
۱۲۵
-۱.۲
شرکت 13-5
۵۴,۳۲۱
۶.۸
۱,۲۵۴
۳۲۰
۴,۱۰۰
۲,۸۵۶
۱۲۵
-۱.۲
۹۸۷
شرکت 13-6
۶.۸
۱,۲۵۴
۳۲۰
۴,۱۰۰
۲,۸۵۶
۱۲۵
-۱.۲
۹۸۷
۵۴,۳۲۱
شرکت 13-7
۱,۲۵۴
۳۲۰
۴,۱۰۰
۲,۸۵۶
۱۲۵
-۱.۲
۹۸۷
۵۴,۳۲۱
۶.۸
بیمه و صندوق بازنشستگی
شرکت 14-1
۱۲۵
-۱.۲
۹۸۷
۵۴,۳۲۱
۶.۸
۱,۲۵۴
۳۲۰
۴,۱۰۰
۲,۸۵۶
شرکت 14-2
-۱.۲
۹۸۷
۵۴,۳۲۱
۶.۸
۱,۲۵۴
۳۲۰
۴,۱۰۰
۲,۸۵۶
۱۲۵
شرکت 14-3
۹۸۷
۵۴,۳۲۱
۶.۸
۱,۲۵۴
۳۲۰
۴,۱۰۰
۲,۸۵۶
۱۲۵
-۱.۲
شرکت 14-4
۵۴,۳۲۱
۶.۸
۱,۲۵۴
۳۲۰
۴,۱۰۰
۲,۸۵۶
۱۲۵
-۱.۲
۹۸۷
اطلاعات و ارتباطات
شرکت 15-1
-۱.۲
۹۸۷
۵۴,۳۲۱
۶.۸
۱,۲۵۴
۳۲۰
۴,۱۰۰
۲,۸۵۶
۱۲۵
شرکت 15-2
۹۸۷
۵۴,۳۲۱
۶.۸
۱,۲۵۴
۳۲۰
۴,۱۰۰
۲,۸۵۶
۱۲۵
-۱.۲
عرضه برق، گاز، بخار و آب گرم
شرکت 16-1
۹۸۷
۵۴,۳۲۱
۶.۸
۱,۲۵۴
۳۲۰
۴,۱۰۰
۲,۸۵۶
۱۲۵
-۱.۲
